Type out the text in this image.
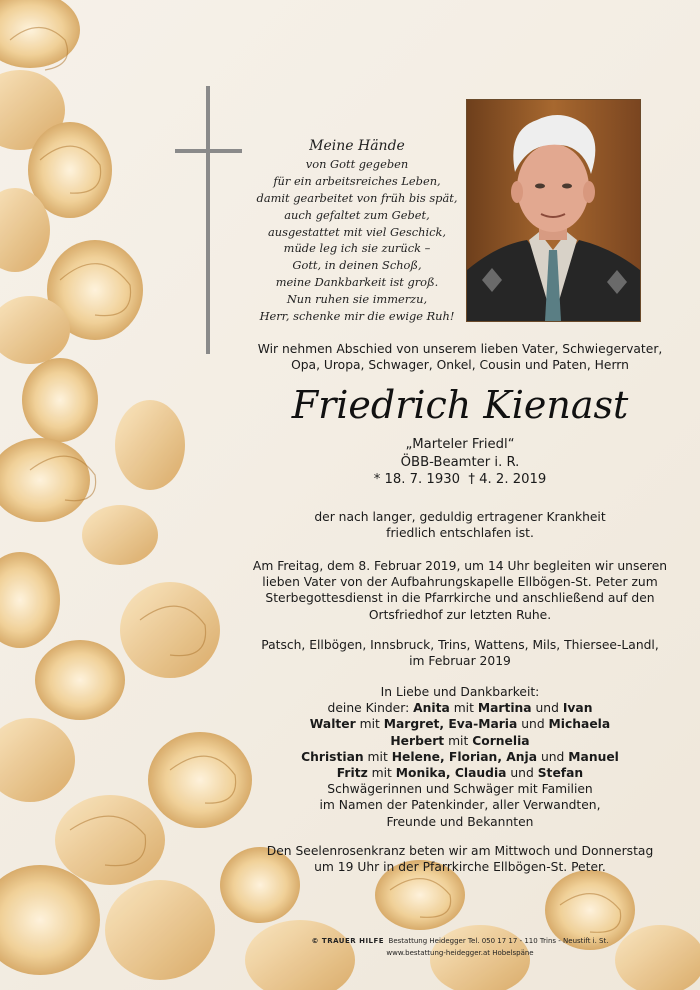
Meine Hände
von Gott gegeben
für ein arbeitsreiches Leben,
damit gearbeitet von früh bis spät,
auch gefaltet zum Gebet,
ausgestattet mit viel Geschick,
müde leg ich sie zurück –
Gott, in deinen Schoß,
meine Dankbarkeit ist groß.
Nun ruhen sie immerzu,
Herr, schenke mir die ewige Ruh!
Wir nehmen Abschied von unserem lieben Vater, Schwiegervater,
Opa, Uropa, Schwager, Onkel, Cousin und Paten, Herrn
Friedrich Kienast
„Marteler Friedl“
ÖBB-Beamter i. R.
* 18. 7. 1930  † 4. 2. 2019
der nach langer, geduldig ertragener Krankheit
friedlich entschlafen ist.
Am Freitag, dem 8. Februar 2019, um 14 Uhr begleiten wir unseren
lieben Vater von der Aufbahrungskapelle Ellbögen-St. Peter zum
Sterbegottesdienst in die Pfarrkirche und anschließend auf den
Ortsfriedhof zur letzten Ruhe.
Patsch, Ellbögen, Innsbruck, Trins, Wattens, Mils, Thiersee-Landl,
im Februar 2019
In Liebe und Dankbarkeit:
deine Kinder: Anita mit Martina und Ivan
Walter mit Margret, Eva-Maria und Michaela
Herbert mit Cornelia
Christian mit Helene, Florian, Anja und Manuel
Fritz mit Monika, Claudia und Stefan
Schwägerinnen und Schwäger mit Familien
im Namen der Patenkinder, aller Verwandten,
Freunde und Bekannten
Den Seelenrosenkranz beten wir am Mittwoch und Donnerstag
um 19 Uhr in der Pfarrkirche Ellbögen-St. Peter.
© TRAUER HILFE Bestattung Heidegger Tel. 050 17 17 - 110 Trins - Neustift i. St.
www.bestattung-heidegger.at Hobelspäne
